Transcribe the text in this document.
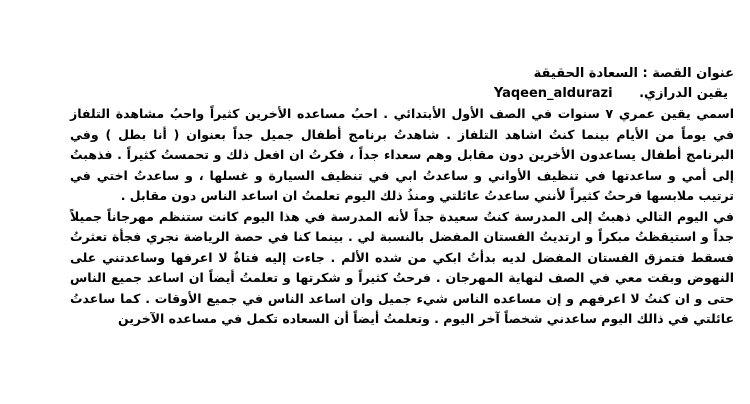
عنوان القصة : السعادة الحقيقة
يقين الدرازي. Yaqeen_aldurazi
اسمي يقين عمري ٧ سنوات في الصف الأول الأبتدائي . احبُ مساعده الأخرين كثيراً واحبُ مشاهدة التلفاز في يوماً من الأيام بينما كنتُ اشاهد التلفاز . شاهدتُ برنامج أطفال جميل جداً بعنوان ( أنا بطل ) وفي البرنامج أطفال يساعدون الأخرين دون مقابل وهم سعداء جداً ، فكرتُ ان افعل ذلك و تحمستُ كثيراً . فذهبتُ إلى أمي و ساعدتها في تنظيف الأواني و ساعدتُ ابي في تنظيف السيارة و غسلها ، و ساعدتُ اختي في ترتيب ملابسها فرحتُ كثيراً لأنني ساعدتُ عائلتي ومنذُ ذلك اليوم تعلمتُ ان اساعد الناس دون مقابل .
في اليوم التالي ذهبتُ إلى المدرسة كنتُ سعيدة جداً لأنه المدرسة في هذا اليوم كانت ستنظم مهرجاناً جميلاً جداً و استيقظتُ مبكراً و ارتديتُ الفستان المفضل بالنسبة لي . بينما كنا في حصة الرياضة نجري فجأة تعثرتُ فسقط فتمزق الفستان المفضل لديه بدأتُ ابكي من شده الألم . جاءت إليه فتاةٌ لا اعرفها وساعدتني على النهوض وبقت معي في الصف لنهاية المهرجان . فرحتُ كثيراً و شكرتها و تعلمتُ أيضاً ان اساعد جميع الناس حتى و ان كنتُ لا اعرفهم و إن مساعده الناس شيء جميل وان اساعد الناس في جميع الأوقات . كما ساعدتُ عائلتي في ذالك اليوم ساعدني شخصاً آخر اليوم . وتعلمتُ أيضاً أن السعاده تكمل في مساعده الآخرين
